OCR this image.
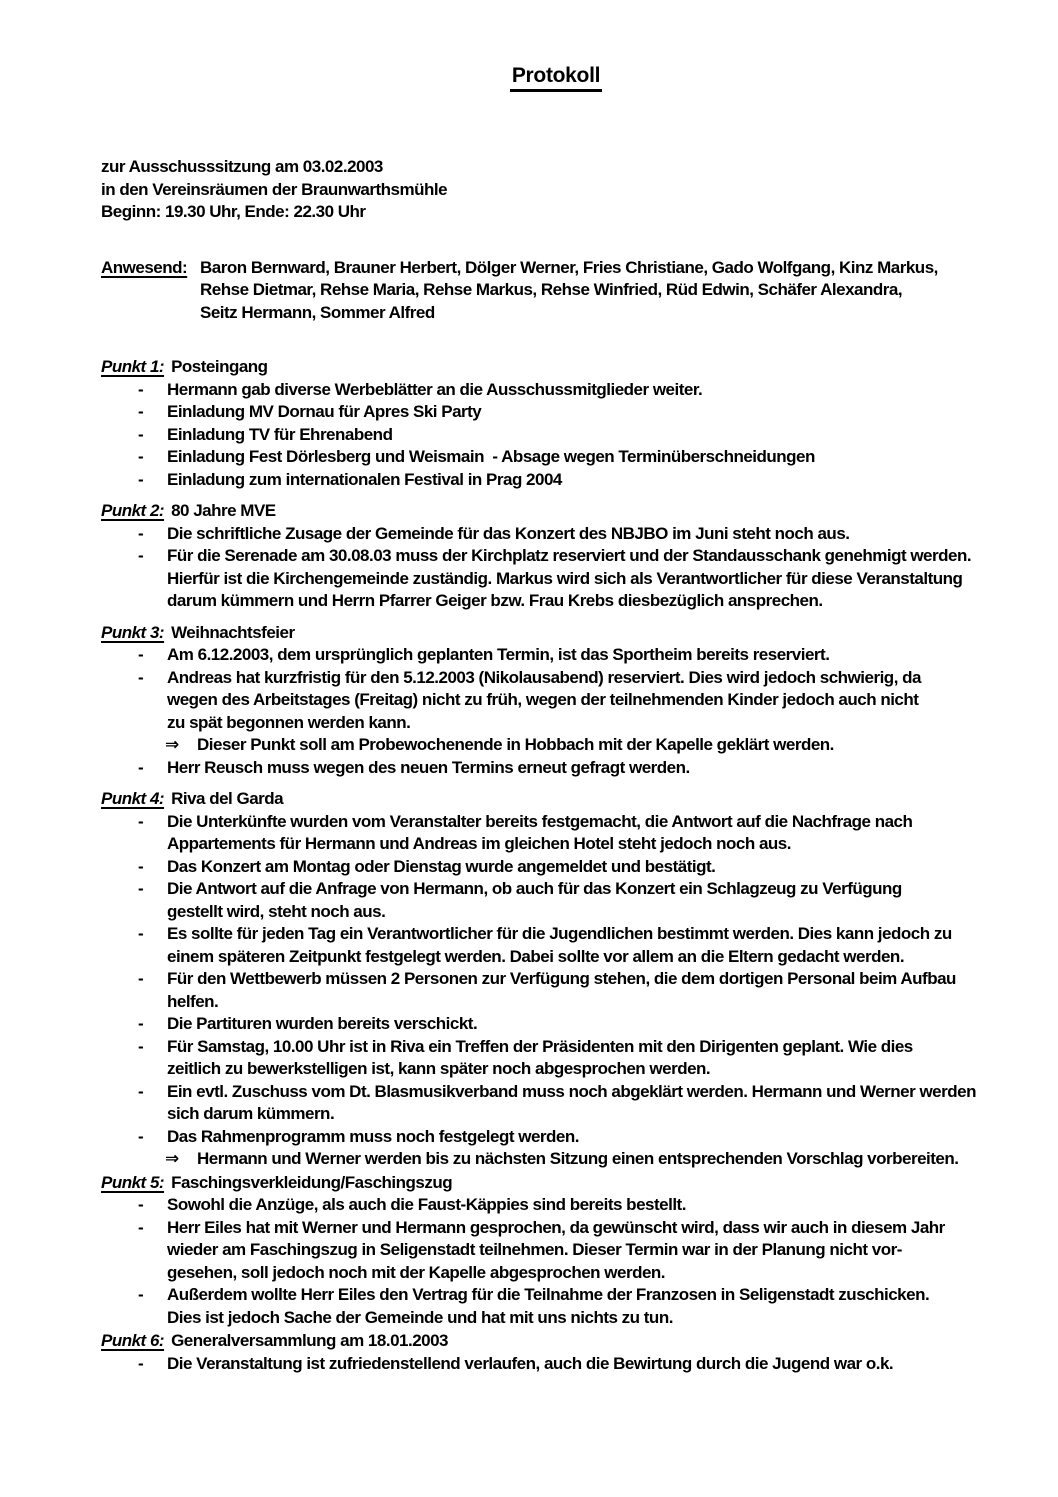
Protokoll
zur Ausschusssitzung am 03.02.2003
in den Vereinsräumen der Braunwarthsmühle
Beginn: 19.30 Uhr, Ende: 22.30 Uhr
Anwesend: Baron Bernward, Brauner Herbert, Dölger Werner, Fries Christiane, Gado Wolfgang, Kinz Markus,
Rehse Dietmar, Rehse Maria, Rehse Markus, Rehse Winfried, Rüd Edwin, Schäfer Alexandra,
Seitz Hermann, Sommer Alfred
Punkt 1: Posteingang
-	Hermann gab diverse Werbeblätter an die Ausschussmitglieder weiter.
-	Einladung MV Dornau für Apres Ski Party
-	Einladung TV für Ehrenabend
-	Einladung Fest Dörlesberg und Weismain  - Absage wegen Terminüberschneidungen
-	Einladung zum internationalen Festival in Prag 2004
Punkt 2: 80 Jahre MVE
-	Die schriftliche Zusage der Gemeinde für das Konzert des NBJBO im Juni steht noch aus.
-	Für die Serenade am 30.08.03 muss der Kirchplatz reserviert und der Standausschank genehmigt werden.
Hierfür ist die Kirchengemeinde zuständig. Markus wird sich als Verantwortlicher für diese Veranstaltung
darum kümmern und Herrn Pfarrer Geiger bzw. Frau Krebs diesbezüglich ansprechen.
Punkt 3: Weihnachtsfeier
-	Am 6.12.2003, dem ursprünglich geplanten Termin, ist das Sportheim bereits reserviert.
-	Andreas hat kurzfristig für den 5.12.2003 (Nikolausabend) reserviert. Dies wird jedoch schwierig, da
wegen des Arbeitstages (Freitag) nicht zu früh, wegen der teilnehmenden Kinder jedoch auch nicht
zu spät begonnen werden kann.
⇒	Dieser Punkt soll am Probewochenende in Hobbach mit der Kapelle geklärt werden.
-	Herr Reusch muss wegen des neuen Termins erneut gefragt werden.
Punkt 4: Riva del Garda
-	Die Unterkünfte wurden vom Veranstalter bereits festgemacht, die Antwort auf die Nachfrage nach
Appartements für Hermann und Andreas im gleichen Hotel steht jedoch noch aus.
-	Das Konzert am Montag oder Dienstag wurde angemeldet und bestätigt.
-	Die Antwort auf die Anfrage von Hermann, ob auch für das Konzert ein Schlagzeug zu Verfügung
gestellt wird, steht noch aus.
-	Es sollte für jeden Tag ein Verantwortlicher für die Jugendlichen bestimmt werden. Dies kann jedoch zu
einem späteren Zeitpunkt festgelegt werden. Dabei sollte vor allem an die Eltern gedacht werden.
-	Für den Wettbewerb müssen 2 Personen zur Verfügung stehen, die dem dortigen Personal beim Aufbau
helfen.
-	Die Partituren wurden bereits verschickt.
-	Für Samstag, 10.00 Uhr ist in Riva ein Treffen der Präsidenten mit den Dirigenten geplant. Wie dies
zeitlich zu bewerkstelligen ist, kann später noch abgesprochen werden.
-	Ein evtl. Zuschuss vom Dt. Blasmusikverband muss noch abgeklärt werden. Hermann und Werner werden
sich darum kümmern.
-	Das Rahmenprogramm muss noch festgelegt werden.
⇒	Hermann und Werner werden bis zu nächsten Sitzung einen entsprechenden Vorschlag vorbereiten.
Punkt 5: Faschingsverkleidung/Faschingszug
-	Sowohl die Anzüge, als auch die Faust-Käppies sind bereits bestellt.
-	Herr Eiles hat mit Werner und Hermann gesprochen, da gewünscht wird, dass wir auch in diesem Jahr
wieder am Faschingszug in Seligenstadt teilnehmen. Dieser Termin war in der Planung nicht vor-
gesehen, soll jedoch noch mit der Kapelle abgesprochen werden.
-	Außerdem wollte Herr Eiles den Vertrag für die Teilnahme der Franzosen in Seligenstadt zuschicken.
Dies ist jedoch Sache der Gemeinde und hat mit uns nichts zu tun.
Punkt 6: Generalversammlung am 18.01.2003
-	Die Veranstaltung ist zufriedenstellend verlaufen, auch die Bewirtung durch die Jugend war o.k.
